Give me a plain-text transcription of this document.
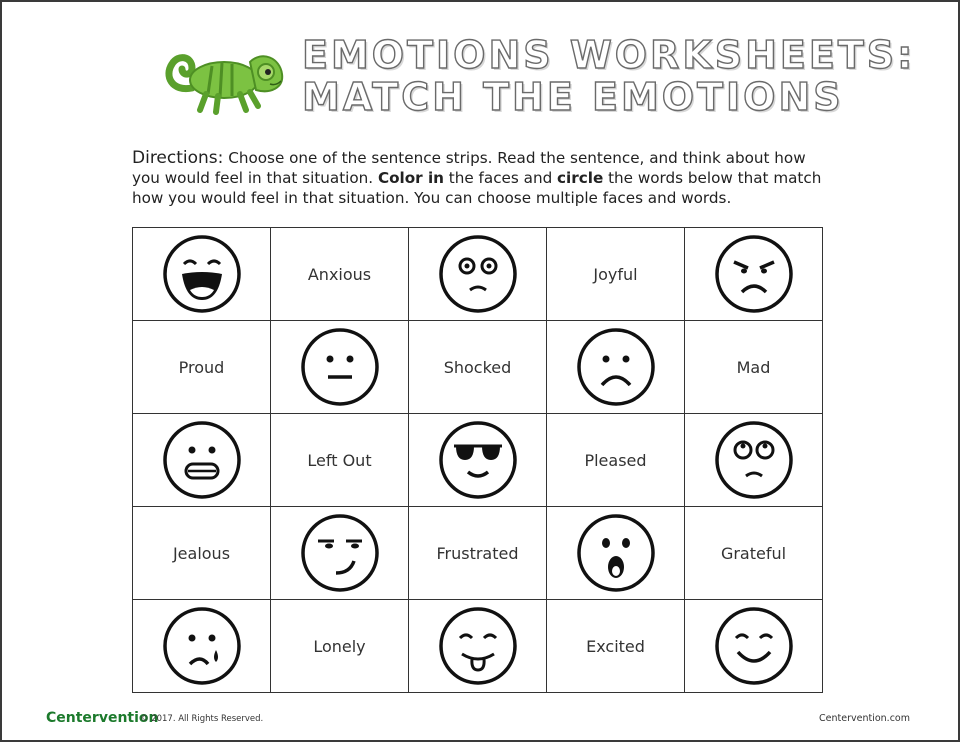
EMOTIONS WORKSHEETS:
MATCH THE EMOTIONS
Directions: Choose one of the sentence strips. Read the sentence, and think about how you would feel in that situation. Color in the faces and circle the words below that match how you would feel in that situation. You can choose multiple faces and words.
	Anxious		Joyful	

Proud		Shocked		Mad

	Left Out		Pleased	

Jealous		Frustrated		Grateful

	Lonely		Excited	
Centervention
© 2017. All Rights Reserved.	Centervention.com
